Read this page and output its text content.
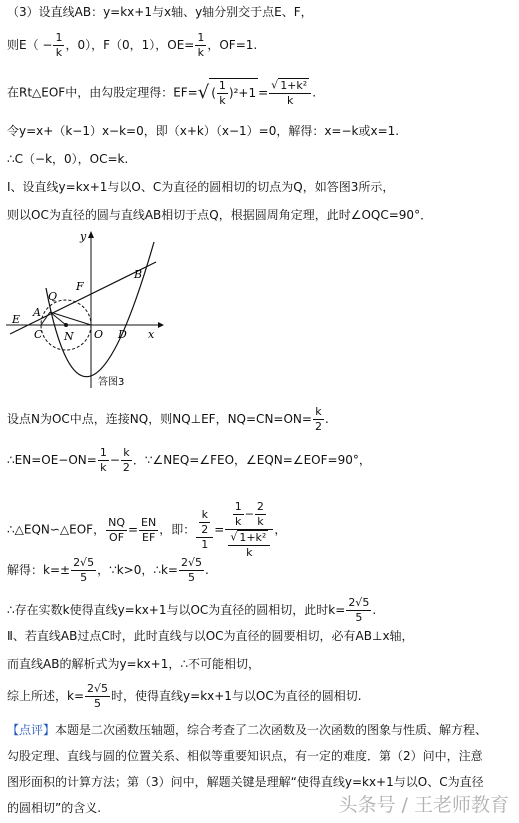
（3）设直线AB：y=kx+1与x轴、y轴分别交于点E、F，
则$E( - \frac{1}{k}$ ，0），F（0，1），$OE= \frac{1}{k}$ ，OF=1.
在Rt△EOF中，由勾股定理得：EF=√ ( $\frac{1}{k} )^2+1 = \frac{\text{√ 1+k²}}{k}$ .
令y=x+（k−1）x−k=0，即（x+k）（x−1）=0，解得：x=−k或x=1.
∴C（−k，0），OC=k.
Ⅰ、设直线y=kx+1与以O、C为直径的圆相切的切点为Q，如答图3所示，
则以OC为直径的圆与直线AB相切于点Q，根据圆周角定理，此时∠OQC=90°．
y
x
B
F
Q
A
E
C N O D
答图3
设点N为OC中点，连接NQ，则NQ⊥EF，$NQ=CN=ON= \frac{k}{2}$ .
∴EN=OE−ON= $\frac{1}{k} - \frac{k}{2}$ ．∵∠NEQ=∠FEO，∠EQN=∠EOF=90°，
∴△EQN∽△EOF， $\frac{NQ}{OF} = \frac{EN}{EF}$ ，即： $\frac{\frac{k}{2}}{1} = \frac{\frac{1}{k} - \frac{2}{k}}{\frac{\text{√ 1+k²}}{k}}$ ，
解得：$k=\pm \frac{2√5}{5}$ ，∵k>0，∴k= $\frac{2√5}{5}$ .
∴存在实数k使得直线y=kx+1与以OC为直径的圆相切，此时$k= \frac{2√5}{5}$ .
Ⅱ、若直线AB过点C时，此时直线与以OC为直径的圆要相切，必有AB⊥x轴，
而直线AB的解析式为y=kx+1，∴不可能相切，
综上所述，$k= \frac{2√5}{5}$ 时，使得直线y=kx+1与以OC为直径的圆相切.
【点评】本题是二次函数压轴题，综合考查了二次函数及一次函数的图象与性质、解方程、
勾股定理、直线与圆的位置关系、相似等重要知识点，有一定的难度．第（2）问中，注意
图形面积的计算方法；第（3）问中，解题关键是理解“使得直线y=kx+1与以O、C为直径
的圆相切”的含义.	头条号 / 王老师教育
